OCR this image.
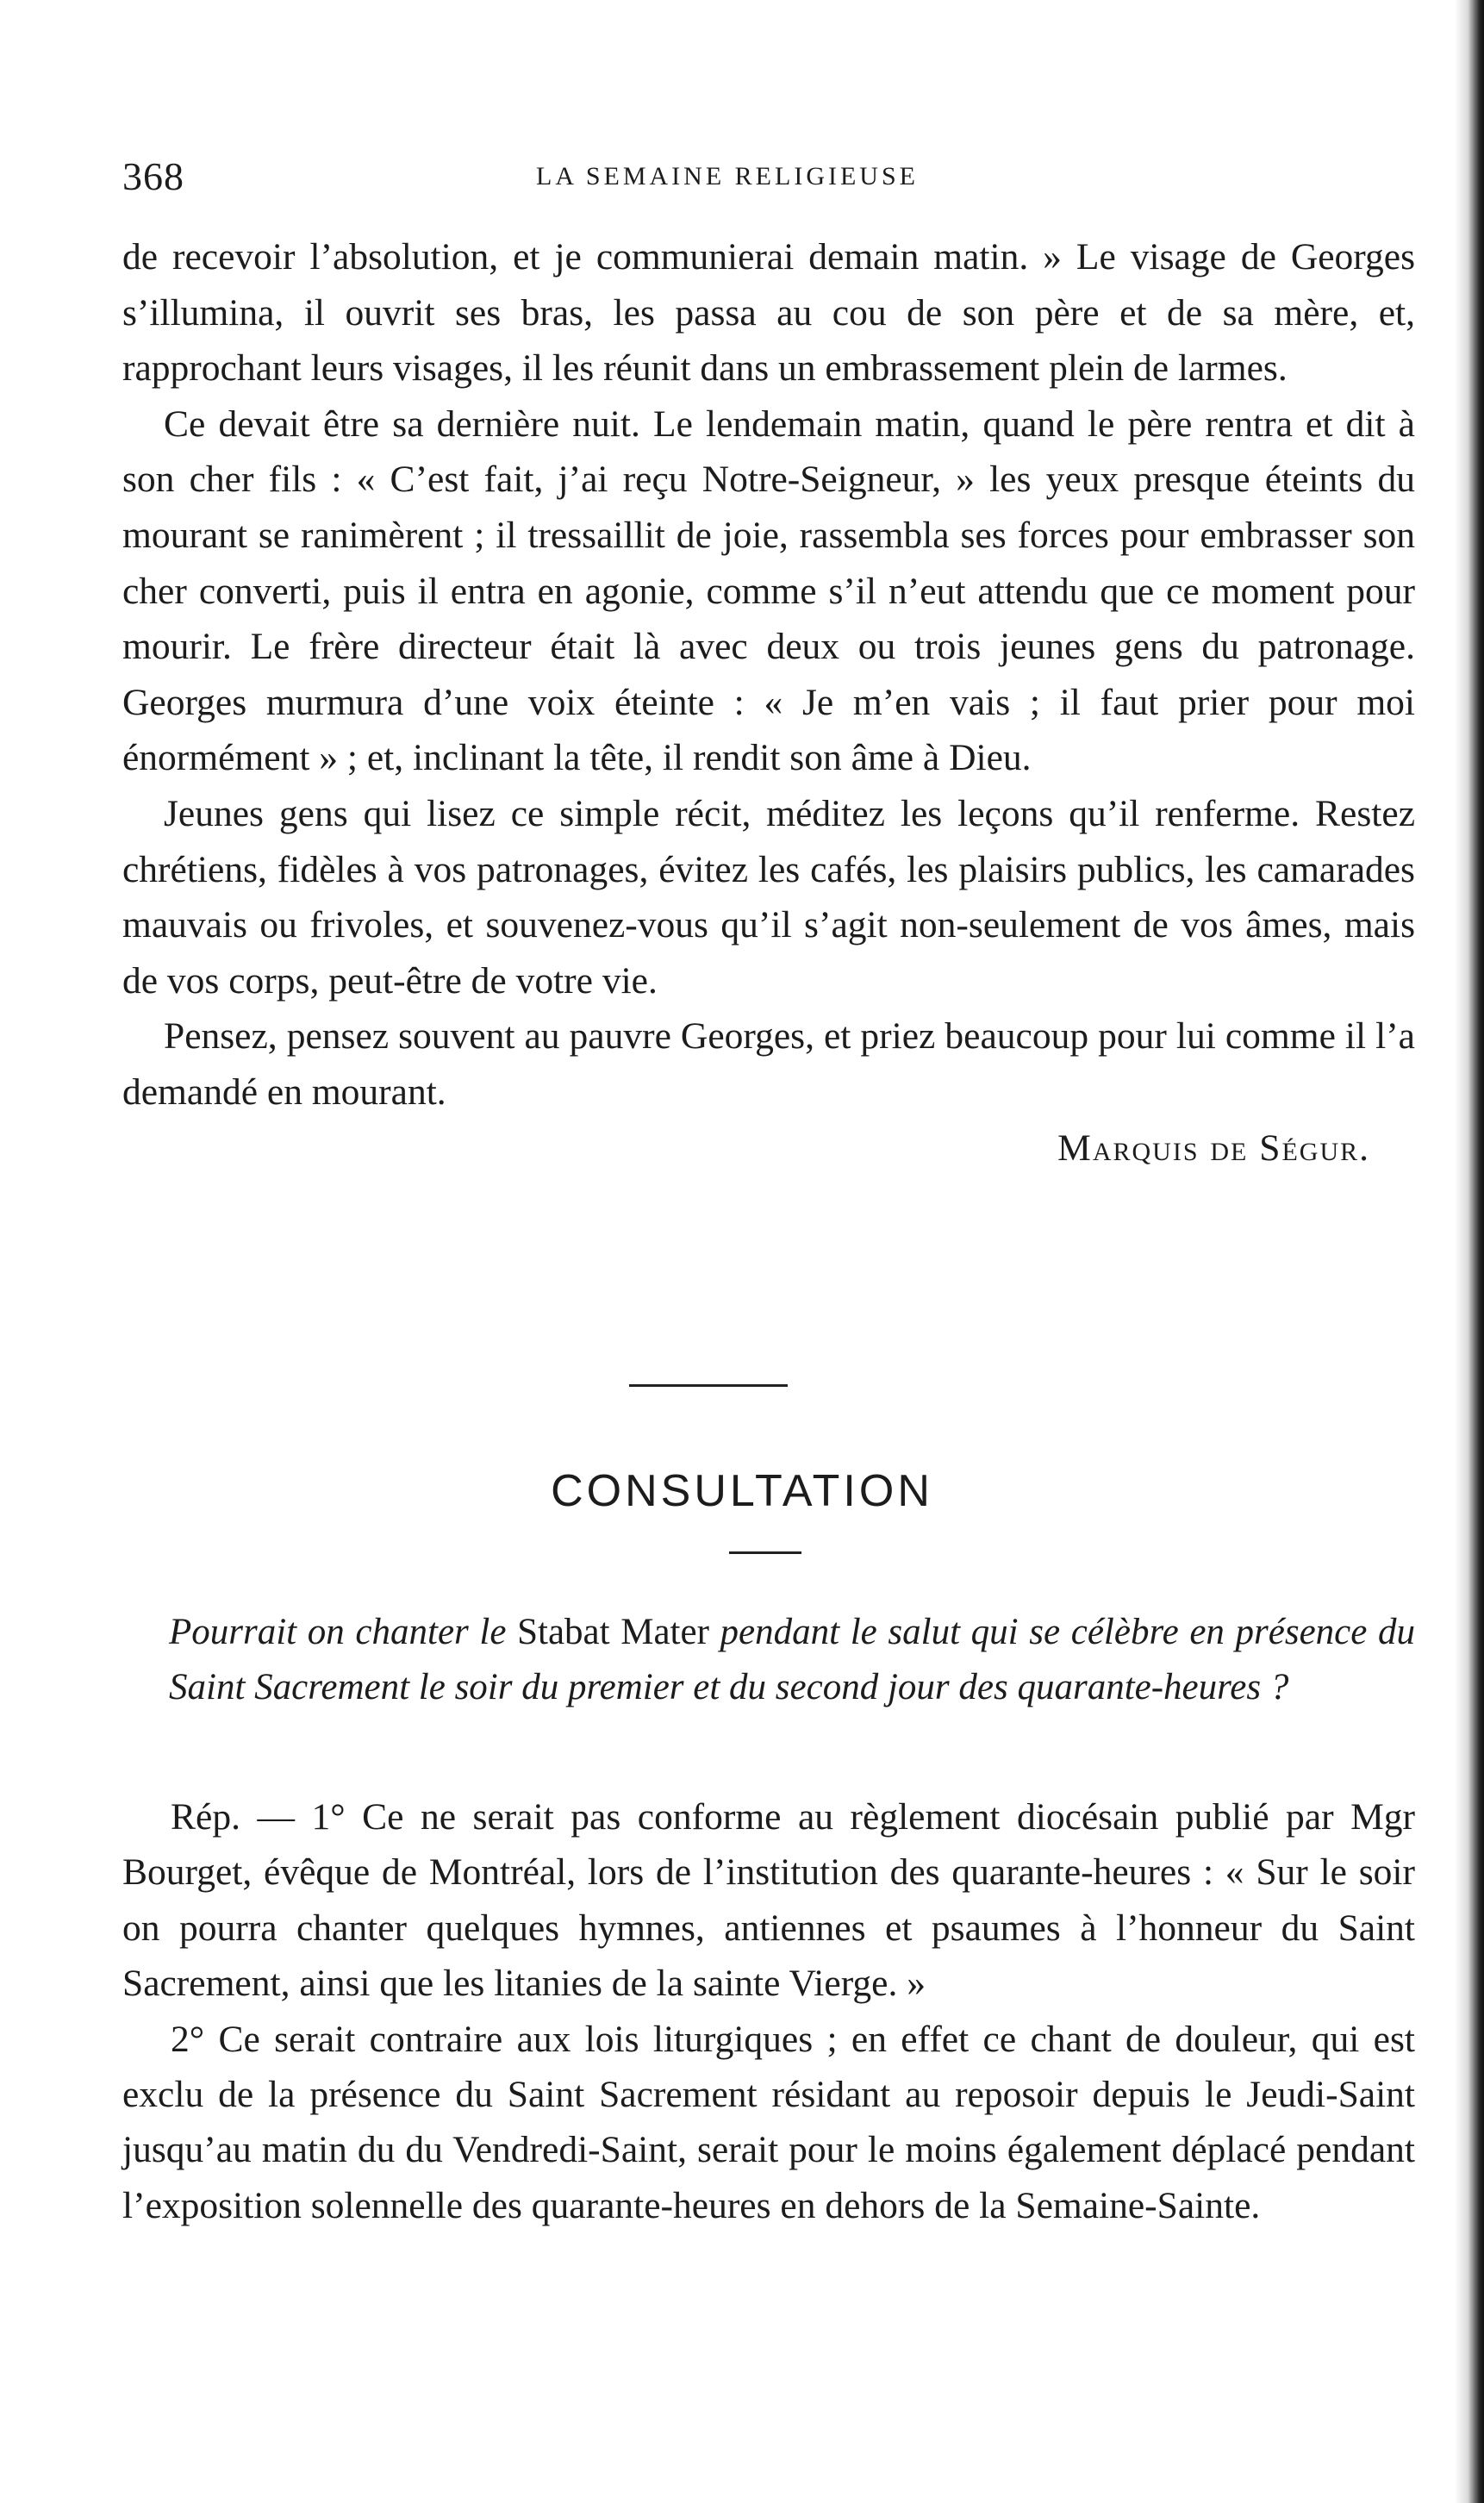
368	LA SEMAINE RELIGIEUSE

de recevoir l’absolution, et je communierai demain matin. » Le visage de Georges s’illumina, il ouvrit ses bras, les passa au cou de son père et de sa mère, et, rapprochant leurs visages, il les réunit dans un embrassement plein de larmes.

Ce devait être sa dernière nuit. Le lendemain matin, quand le père rentra et dit à son cher fils : « C’est fait, j’ai reçu Notre-Seigneur, » les yeux presque éteints du mourant se ranimèrent ; il tressaillit de joie, rassembla ses forces pour embrasser son cher converti, puis il entra en agonie, comme s’il n’eut attendu que ce moment pour mourir. Le frère directeur était là avec deux ou trois jeunes gens du patronage. Georges murmura d’une voix éteinte : « Je m’en vais ; il faut prier pour moi énormément » ; et, inclinant la tête, il rendit son âme à Dieu.

Jeunes gens qui lisez ce simple récit, méditez les leçons qu’il renferme. Restez chrétiens, fidèles à vos patronages, évitez les cafés, les plaisirs publics, les camarades mauvais ou frivoles, et souvenez-vous qu’il s’agit non-seulement de vos âmes, mais de vos corps, peut-être de votre vie.

Pensez, pensez souvent au pauvre Georges, et priez beaucoup pour lui comme il l’a demandé en mourant.

Marquis de Ségur.

CONSULTATION

Pourrait on chanter le Stabat Mater pendant le salut qui se célèbre en présence du Saint Sacrement le soir du premier et du second jour des quarante-heures ?

Rép. — 1° Ce ne serait pas conforme au règlement diocésain publié par Mgr Bourget, évêque de Montréal, lors de l’institution des quarante-heures : « Sur le soir on pourra chanter quelques hymnes, antiennes et psaumes à l’honneur du Saint Sacrement, ainsi que les litanies de la sainte Vierge. »

2° Ce serait contraire aux lois liturgiques ; en effet ce chant de douleur, qui est exclu de la présence du Saint Sacrement résidant au reposoir depuis le Jeudi-Saint jusqu’au matin du du Vendredi-Saint, serait pour le moins également déplacé pendant l’exposition solennelle des quarante-heures en dehors de la Semaine-Sainte.
